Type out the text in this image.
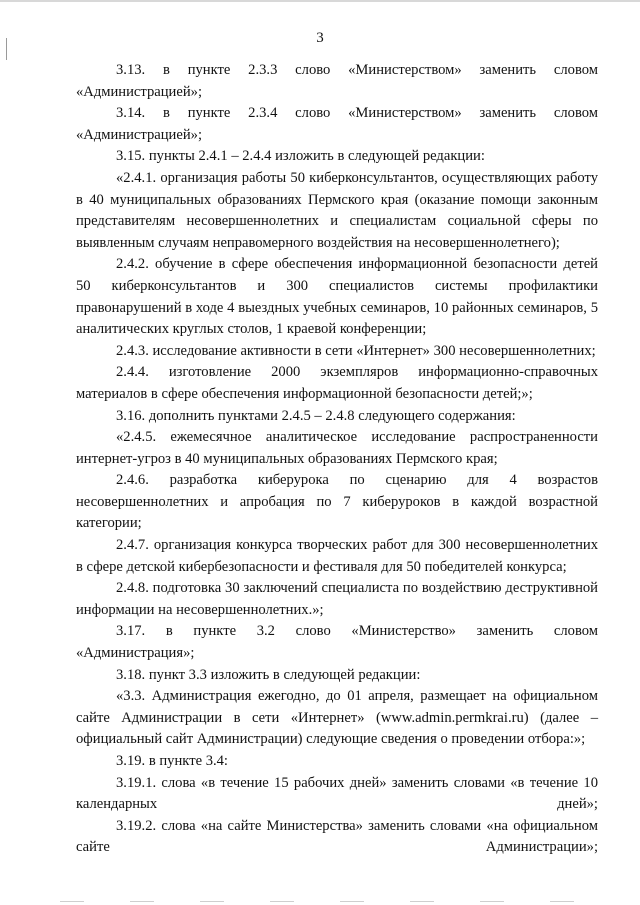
3

3.13. в пункте 2.3.3 слово «Министерством» заменить словом «Администрацией»;

3.14. в пункте 2.3.4 слово «Министерством» заменить словом «Администрацией»;

3.15. пункты 2.4.1 – 2.4.4 изложить в следующей редакции:

«2.4.1. организация работы 50 киберконсультантов, осуществляющих работу в 40 муниципальных образованиях Пермского края (оказание помощи законным представителям несовершеннолетних и специалистам социальной сферы по выявленным случаям неправомерного воздействия на несовершеннолетнего);

2.4.2. обучение в сфере обеспечения информационной безопасности детей 50 киберконсультантов и 300 специалистов системы профилактики правонарушений в ходе 4 выездных учебных семинаров, 10 районных семинаров, 5 аналитических круглых столов, 1 краевой конференции;

2.4.3. исследование активности в сети «Интернет» 300 несовершеннолетних;

2.4.4. изготовление 2000 экземпляров информационно-справочных материалов в сфере обеспечения информационной безопасности детей;»;

3.16. дополнить пунктами 2.4.5 – 2.4.8 следующего содержания:

«2.4.5. ежемесячное аналитическое исследование распространенности интернет-угроз в 40 муниципальных образованиях Пермского края;

2.4.6. разработка киберурока по сценарию для 4 возрастов несовершеннолетних и апробация по 7 киберуроков в каждой возрастной категории;

2.4.7. организация конкурса творческих работ для 300 несовершеннолетних в сфере детской кибербезопасности и фестиваля для 50 победителей конкурса;

2.4.8. подготовка 30 заключений специалиста по воздействию деструктивной информации на несовершеннолетних.»;

3.17. в пункте 3.2 слово «Министерство» заменить словом «Администрация»;

3.18. пункт 3.3 изложить в следующей редакции:

«3.3. Администрация ежегодно, до 01 апреля, размещает на официальном сайте Администрации в сети «Интернет» (www.admin.permkrai.ru) (далее – официальный сайт Администрации) следующие сведения о проведении отбора:»;

3.19. в пункте 3.4:

3.19.1. слова «в течение 15 рабочих дней» заменить словами «в течение 10 календарных дней»;

3.19.2. слова «на сайте Министерства» заменить словами «на официальном сайте Администрации»;
